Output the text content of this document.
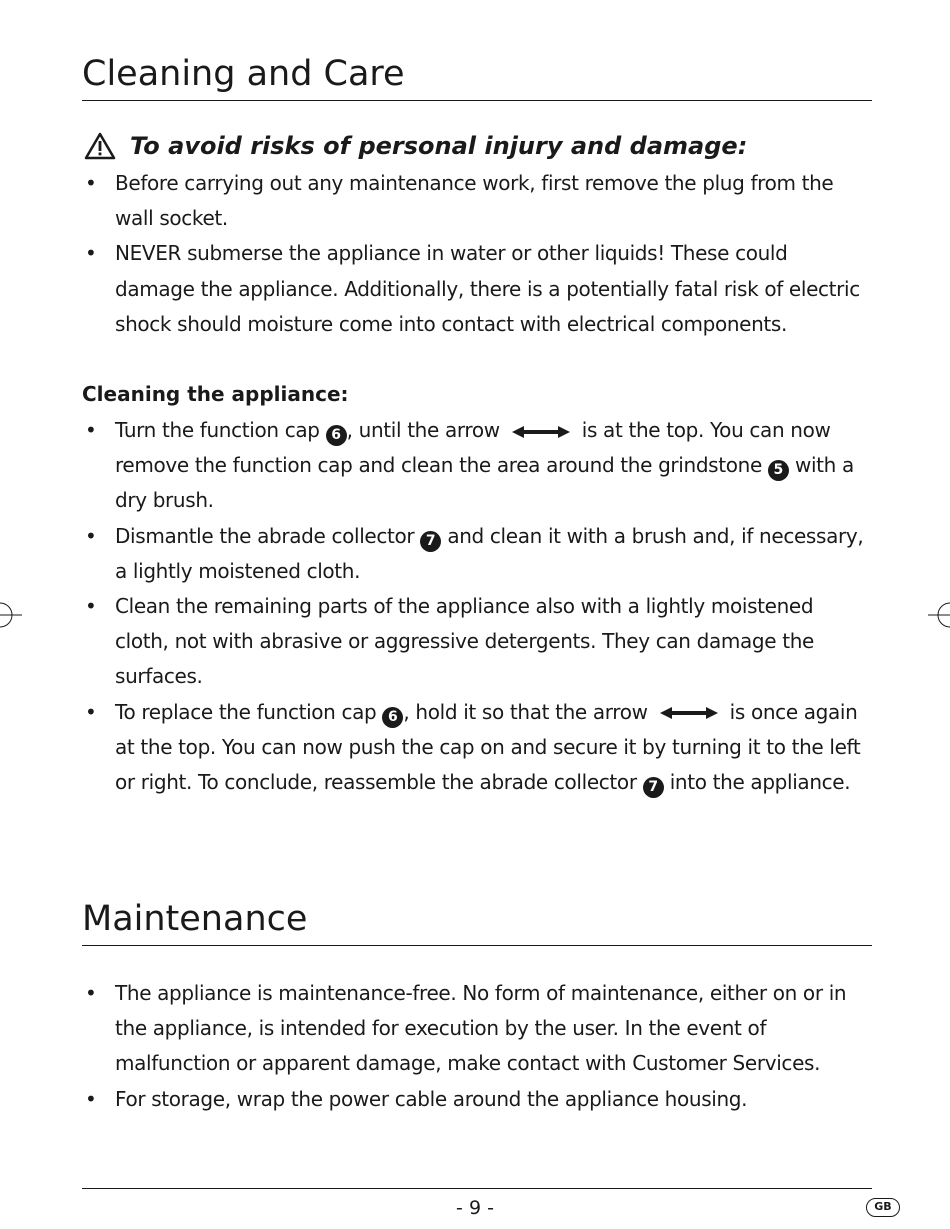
Cleaning and Care
To avoid risks of personal injury and damage:
• Before carrying out any maintenance work, first remove the plug from the wall socket.
• NEVER submerse the appliance in water or other liquids! These could damage the appliance. Additionally, there is a potentially fatal risk of electric shock should moisture come into contact with electrical components.
Cleaning the appliance:
• Turn the function cap 6 , until the arrow	is at the top. You can now remove the function cap and clean the area around the grindstone 5 with a dry brush.
• Dismantle the abrade collector 7 and clean it with a brush and, if necessary, a lightly moistened cloth.
• Clean the remaining parts of the appliance also with a lightly moistened cloth, not with abrasive or aggressive detergents. They can damage the surfaces.
• To replace the function cap 6 , hold it so that the arrow	is once again at the top. You can now push the cap on and secure it by turning it to the left or right. To conclude, reassemble the abrade collector 7 into the appliance.
Maintenance
• The appliance is maintenance-free. No form of maintenance, either on or in the appliance, is intended for execution by the user. In the event of malfunction or apparent damage, make contact with Customer Services.
• For storage, wrap the power cable around the appliance housing.
- 9 -	GB
